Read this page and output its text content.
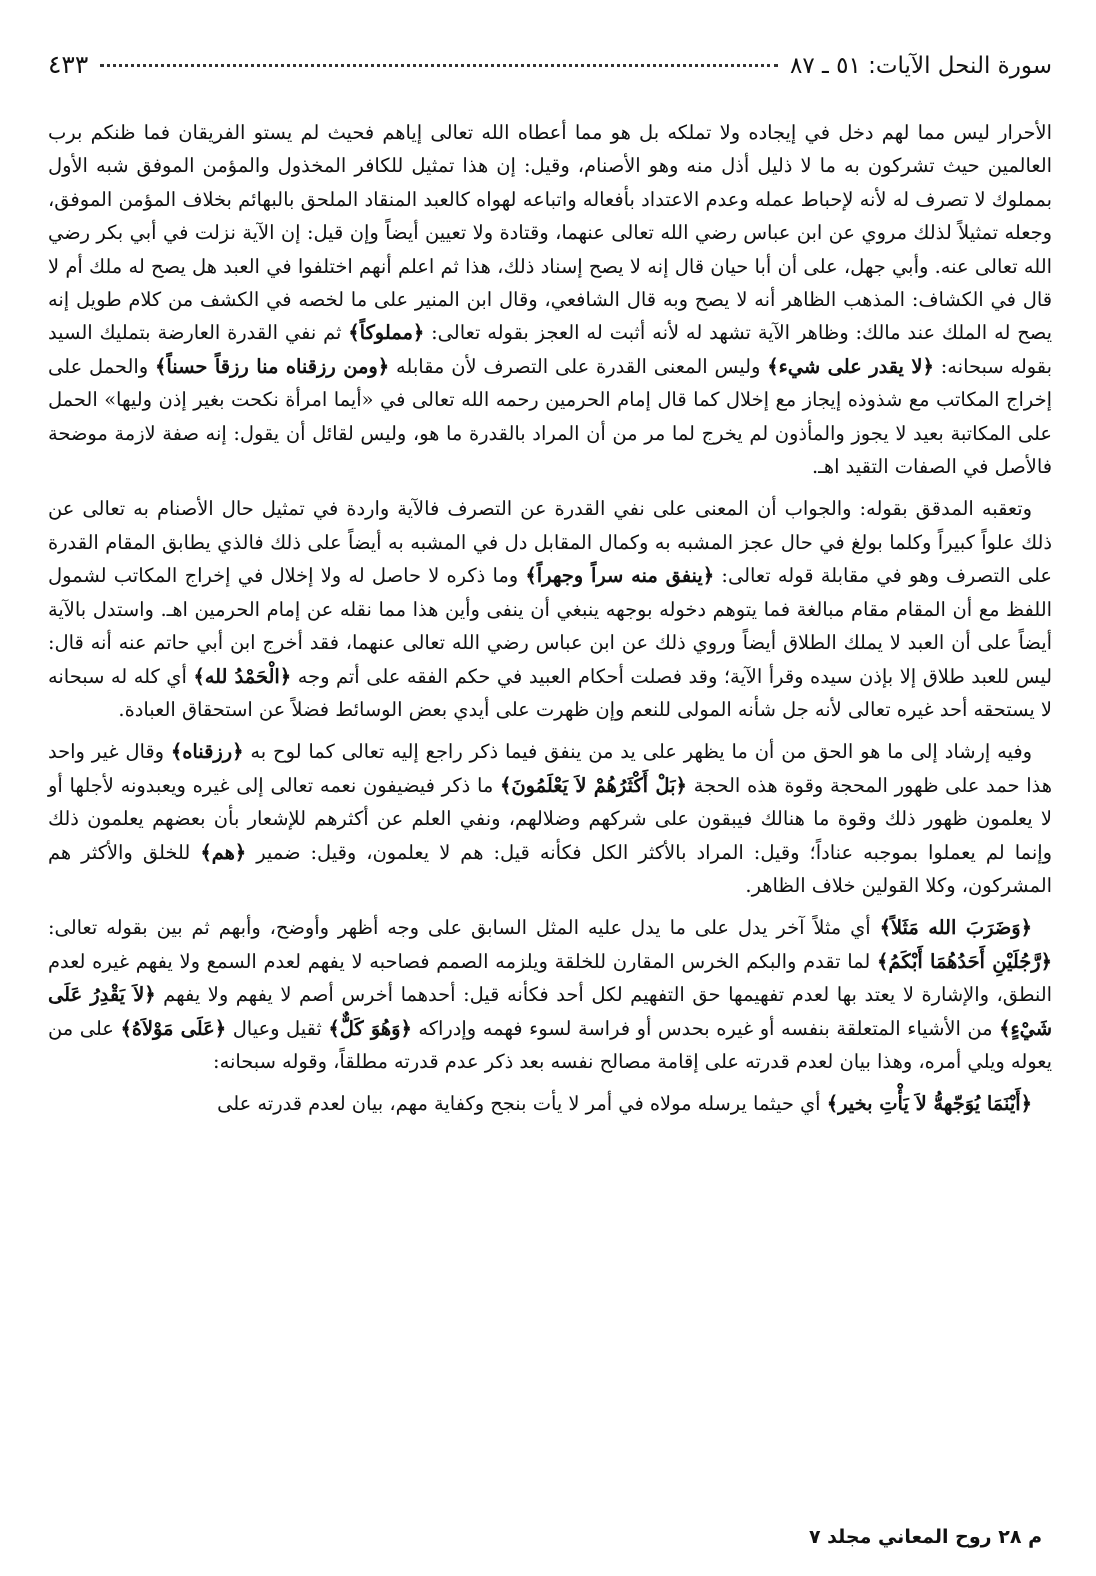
سورة النحل الآيات: ٥١ ـ ٨٧
٤٣٣

الأحرار ليس مما لهم دخل في إيجاده ولا تملكه بل هو مما أعطاه الله تعالى إياهم فحيث لم يستو الفريقان فما ظنكم برب العالمين حيث تشركون به ما لا ذليل أذل منه وهو الأصنام، وقيل: إن هذا تمثيل للكافر المخذول والمؤمن الموفق شبه الأول بمملوك لا تصرف له لأنه لإحباط عمله وعدم الاعتداد بأفعاله واتباعه لهواه كالعبد المنقاد الملحق بالبهائم بخلاف المؤمن الموفق، وجعله تمثيلاً لذلك مروي عن ابن عباس رضي الله تعالى عنهما، وقتادة ولا تعيين أيضاً وإن قيل: إن الآية نزلت في أبي بكر رضي الله تعالى عنه. وأبي جهل، على أن أبا حيان قال إنه لا يصح إسناد ذلك، هذا ثم اعلم أنهم اختلفوا في العبد هل يصح له ملك أم لا قال في الكشاف: المذهب الظاهر أنه لا يصح وبه قال الشافعي، وقال ابن المنير على ما لخصه في الكشف من كلام طويل إنه يصح له الملك عند مالك: وظاهر الآية تشهد له لأنه أثبت له العجز بقوله تعالى: ﴿مملوكاً﴾ ثم نفي القدرة العارضة بتمليك السيد بقوله سبحانه: ﴿لا يقدر على شيء﴾ وليس المعنى القدرة على التصرف لأن مقابله ﴿ومن رزقناه منا رزقاً حسناً﴾ والحمل على إخراج المكاتب مع شذوذه إيجاز مع إخلال كما قال إمام الحرمين رحمه الله تعالى في «أيما امرأة نكحت بغير إذن وليها» الحمل على المكاتبة بعيد لا يجوز والمأذون لم يخرج لما مر من أن المراد بالقدرة ما هو، وليس لقائل أن يقول: إنه صفة لازمة موضحة فالأصل في الصفات التقيد اهـ.

وتعقبه المدقق بقوله: والجواب أن المعنى على نفي القدرة عن التصرف فالآية واردة في تمثيل حال الأصنام به تعالى عن ذلك علواً كبيراً وكلما بولغ في حال عجز المشبه به وكمال المقابل دل في المشبه به أيضاً على ذلك فالذي يطابق المقام القدرة على التصرف وهو في مقابلة قوله تعالى: ﴿ينفق منه سراً وجهراً﴾ وما ذكره لا حاصل له ولا إخلال في إخراج المكاتب لشمول اللفظ مع أن المقام مقام مبالغة فما يتوهم دخوله بوجهه ينبغي أن ينفى وأين هذا مما نقله عن إمام الحرمين اهـ. واستدل بالآية أيضاً على أن العبد لا يملك الطلاق أيضاً وروي ذلك عن ابن عباس رضي الله تعالى عنهما، فقد أخرج ابن أبي حاتم عنه أنه قال: ليس للعبد طلاق إلا بإذن سيده وقرأ الآية؛ وقد فصلت أحكام العبيد في حكم الفقه على أتم وجه ﴿الْحَمْدُ لله﴾ أي كله له سبحانه لا يستحقه أحد غيره تعالى لأنه جل شأنه المولى للنعم وإن ظهرت على أيدي بعض الوسائط فضلاً عن استحقاق العبادة.

وفيه إرشاد إلى ما هو الحق من أن ما يظهر على يد من ينفق فيما ذكر راجع إليه تعالى كما لوح به ﴿رزقناه﴾ وقال غير واحد هذا حمد على ظهور المحجة وقوة هذه الحجة ﴿بَلْ أَكْثَرُهُمْ لاَ يَعْلَمُونَ﴾ ما ذكر فيضيفون نعمه تعالى إلى غيره ويعبدونه لأجلها أو لا يعلمون ظهور ذلك وقوة ما هنالك فيبقون على شركهم وضلالهم، ونفي العلم عن أكثرهم للإشعار بأن بعضهم يعلمون ذلك وإنما لم يعملوا بموجبه عناداً؛ وقيل: المراد بالأكثر الكل فكأنه قيل: هم لا يعلمون، وقيل: ضمير ﴿هم﴾ للخلق والأكثر هم المشركون، وكلا القولين خلاف الظاهر.

﴿وَضَرَبَ الله مَثَلاً﴾ أي مثلاً آخر يدل على ما يدل عليه المثل السابق على وجه أظهر وأوضح، وأبهم ثم بين بقوله تعالى: ﴿رَّجُلَيْنِ أَحَدُهُمَا أَبْكَمُ﴾ لما تقدم والبكم الخرس المقارن للخلقة ويلزمه الصمم فصاحبه لا يفهم لعدم السمع ولا يفهم غيره لعدم النطق، والإشارة لا يعتد بها لعدم تفهيمها حق التفهيم لكل أحد فكأنه قيل: أحدهما أخرس أصم لا يفهم ولا يفهم ﴿لاَ يَقْدِرُ عَلَى شَيْءٍ﴾ من الأشياء المتعلقة بنفسه أو غيره بحدس أو فراسة لسوء فهمه وإدراكه ﴿وَهُوَ كَلٌّ﴾ ثقيل وعيال ﴿عَلَى مَوْلاَهُ﴾ على من يعوله ويلي أمره، وهذا بيان لعدم قدرته على إقامة مصالح نفسه بعد ذكر عدم قدرته مطلقاً، وقوله سبحانه:

﴿أَيْنَمَا يُوَجّههُّ لاَ يَأْتِ بخير﴾ أي حيثما يرسله مولاه في أمر لا يأت بنجح وكفاية مهم، بيان لعدم قدرته على

م ٢٨ روح المعاني مجلد ٧
